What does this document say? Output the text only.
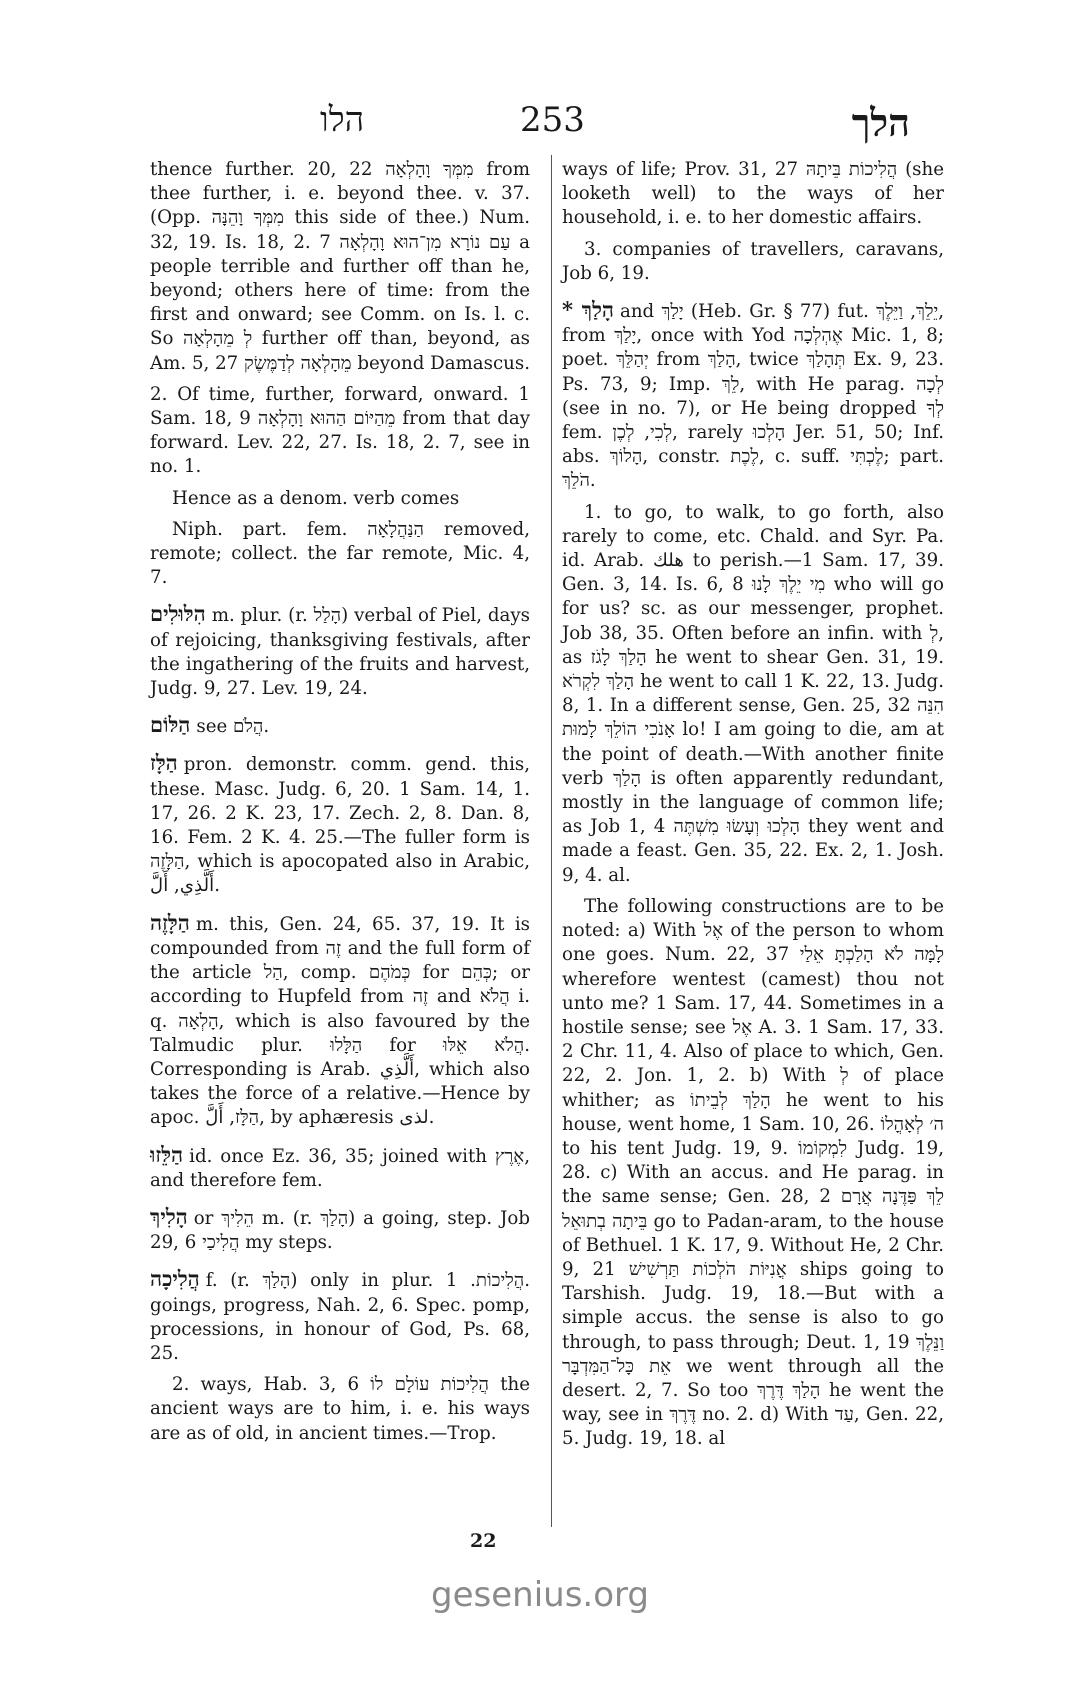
הלו	253	הלך

thence further. 20, 22 מִמְּךָ וָהָלְאָה from thee further, i. e. beyond thee. v. 37. (Opp. מִמְּךָ וָהֵנָּה this side of thee.) Num. 32, 19. Is. 18, 2. 7 עַם נוֹרָא מִן־הוּא וָהָלְאָה a people terrible and further off than he, beyond; others here of time: from the first and onward; see Comm. on Is. l. c. So לְ מֵהָלְאָה further off than, beyond, as Am. 5, 27 מֵהָלְאָה לְדַמֶּשֶׂק beyond Damascus.

2. Of time, further, forward, onward. 1 Sam. 18, 9 מֵהַיּוֹם הַהוּא וָהָלְאָה from that day forward. Lev. 22, 27. Is. 18, 2. 7, see in no. 1.

Hence as a denom. verb comes

Niph. part. fem. הַנַּהֲלָאָה removed, remote; collect. the far remote, Mic. 4, 7.

הִלּוּלִים m. plur. (r. הָלַל) verbal of Piel, days of rejoicing, thanksgiving festivals, after the ingathering of the fruits and harvest, Judg. 9, 27. Lev. 19, 24.
הַלּוֹם see הֲלֹם.
הַלָּז pron. demonstr. comm. gend. this, these. Masc. Judg. 6, 20. 1 Sam. 14, 1. 17, 26. 2 K. 23, 17. Zech. 2, 8. Dan. 8, 16. Fem. 2 K. 4. 25.—The fuller form is הַלָּזֶה, which is apocopated also in Arabic, أَلَّذِي, أَلَّ.
הַלָּזֶה m. this, Gen. 24, 65. 37, 19. It is compounded from זֶה and the full form of the article הַל, comp. כְּמֹהֶם for כְּהֵם; or according to Hupfeld from זֶה and הֲלֹא i. q. הָלְאָה, which is also favoured by the Talmudic plur. הַלָּלוּ for הֲלֹא אֵלּוּ. Corresponding is Arab. أَلَّذِي, which also takes the force of a relative.—Hence by apoc. הַלָּז, أَلَّ, by aphæresis لذى.
הַלֵּזוּ id. once Ez. 36, 35; joined with אֶרֶץ, and therefore fem.
הָלִיךְ or הֵלִיךְ m. (r. הָלַךְ) a going, step. Job 29, 6 הֲלִיכַי my steps.
הֲלִיכָה f. (r. הָלַךְ) only in plur. הֲלִיכוֹת. 1. goings, progress, Nah. 2, 6. Spec. pomp, processions, in honour of God, Ps. 68, 25.

2. ways, Hab. 3, 6 הֲלִיכוֹת עוֹלָם לוֹ the ancient ways are to him, i. e. his ways are as of old, in ancient times.—Trop.

ways of life; Prov. 31, 27 הֲלִיכוֹת בֵּיתָהּ (she looketh well) to the ways of her household, i. e. to her domestic affairs.

3. companies of travellers, caravans, Job 6, 19.

* הָלַךְ and יָלַךְ (Heb. Gr. § 77) fut. יֵלֵךְ, וַיֵּלֶךְ, from יָלַךְ, once with Yod אֶהְלְכָה Mic. 1, 8; poet. יְהַלֵּךְ from הָלַךְ, twice תְּהָלַךְ Ex. 9, 23. Ps. 73, 9; Imp. לֵךְ, with He parag. לְכָה (see in no. 7), or He being dropped לְךָ fem. לְכִי, לְכֶן, rarely הָלְכוּ Jer. 51, 50; Inf. abs. הָלוֹךְ, constr. לֶכֶת, c. suff. לֶכְתִּי; part. הֹלֵךְ.

1. to go, to walk, to go forth, also rarely to come, etc. Chald. and Syr. Pa. id. Arab. هلك to perish.—1 Sam. 17, 39. Gen. 3, 14. Is. 6, 8 מִי יֵלֶךְ לָנוּ who will go for us? sc. as our messenger, prophet. Job 38, 35. Often before an infin. with לְ, as הָלַךְ לָגֹז he went to shear Gen. 31, 19. הָלַךְ לִקְרֹא he went to call 1 K. 22, 13. Judg. 8, 1. In a different sense, Gen. 25, 32 הִנֵּה אָנֹכִי הוֹלֵךְ לָמוּת lo! I am going to die, am at the point of death.—With another finite verb הָלַךְ is often apparently redundant, mostly in the language of common life; as Job 1, 4 הָלְכוּ וְעָשׂוּ מִשְׁתֶּה they went and made a feast. Gen. 35, 22. Ex. 2, 1. Josh. 9, 4. al.

The following constructions are to be noted: a) With אֶל of the person to whom one goes. Num. 22, 37 לָמָּה לֹא הָלַכְתָּ אֵלַי wherefore wentest (camest) thou not unto me? 1 Sam. 17, 44. Sometimes in a hostile sense; see אֶל A. 3. 1 Sam. 17, 33. 2 Chr. 11, 4. Also of place to which, Gen. 22, 2. Jon. 1, 2. b) With לְ of place whither; as הָלַךְ לְבֵיתוֹ he went to his house, went home, 1 Sam. 10, 26. ה׳ לְאָהֳלוֹ to his tent Judg. 19, 9. לִמְקוֹמוֹ Judg. 19, 28. c) With an accus. and He parag. in the same sense; Gen. 28, 2 לֵךְ פַּדֶּנָה אֲרָם בֵּיתָה בְתוּאֵל go to Padan-aram, to the house of Bethuel. 1 K. 17, 9. Without He, 2 Chr. 9, 21 אֳנִיּוֹת הֹלְכוֹת תַּרְשִׁישׁ ships going to Tarshish. Judg. 19, 18.—But with a simple accus. the sense is also to go through, to pass through; Deut. 1, 19 וַנֵּלֶךְ אֵת כָּל־הַמִּדְבָּר we went through all the desert. 2, 7. So too הָלַךְ דֶּרֶךְ he went the way, see in דֶּרֶךְ no. 2. d) With עַד, Gen. 22, 5. Judg. 19, 18. al

22
gesenius.org
